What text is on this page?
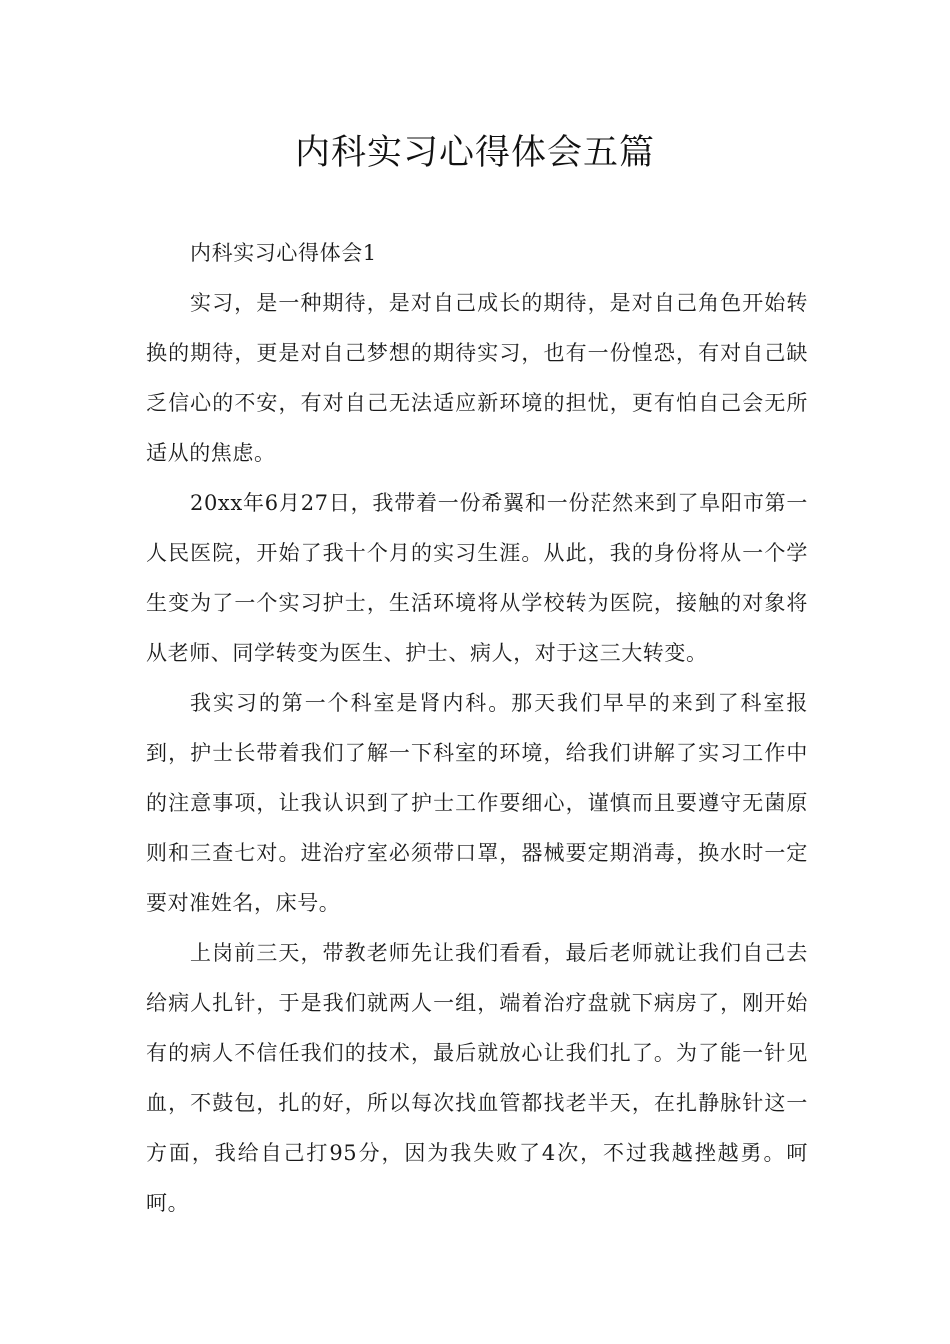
内科实习心得体会五篇

内科实习心得体会1

实习，是一种期待，是对自己成长的期待，是对自己角色开始转换的期待，更是对自己梦想的期待实习，也有一份惶恐，有对自己缺乏信心的不安，有对自己无法适应新环境的担忧，更有怕自己会无所适从的焦虑。

20xx年6月27日，我带着一份希翼和一份茫然来到了阜阳市第一人民医院，开始了我十个月的实习生涯。从此，我的身份将从一个学生变为了一个实习护士，生活环境将从学校转为医院，接触的对象将从老师、同学转变为医生、护士、病人，对于这三大转变。

我实习的第一个科室是肾内科。那天我们早早的来到了科室报到，护士长带着我们了解一下科室的环境，给我们讲解了实习工作中的注意事项，让我认识到了护士工作要细心，谨慎而且要遵守无菌原则和三查七对。进治疗室必须带口罩，器械要定期消毒，换水时一定要对准姓名，床号。

上岗前三天，带教老师先让我们看看，最后老师就让我们自己去给病人扎针，于是我们就两人一组，端着治疗盘就下病房了，刚开始有的病人不信任我们的技术，最后就放心让我们扎了。为了能一针见血，不鼓包，扎的好，所以每次找血管都找老半天，在扎静脉针这一方面，我给自己打95分，因为我失败了4次，不过我越挫越勇。呵呵。
